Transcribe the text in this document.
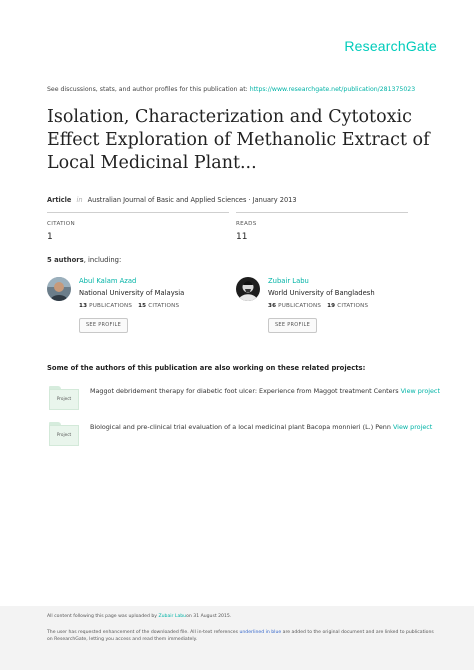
ResearchGate
See discussions, stats, and author profiles for this publication at: https://www.researchgate.net/publication/281375023
Isolation, Characterization and Cytotoxic Effect Exploration of Methanolic Extract of Local Medicinal Plant...
Article in Australian Journal of Basic and Applied Sciences · January 2013
CITATION
1
READS
11
5 authors, including:
Abul Kalam Azad
National University of Malaysia
13 PUBLICATIONS 15 CITATIONS
SEE PROFILE
Zubair Labu
World University of Bangladesh
36 PUBLICATIONS 19 CITATIONS
SEE PROFILE
Some of the authors of this publication are also working on these related projects:
Project
Maggot debridement therapy for diabetic foot ulcer: Experience from Maggot treatment Centers View project
Project
Biological and pre-clinical trial evaluation of a local medicinal plant Bacopa monnieri (L.) Penn View project
All content following this page was uploaded by Zubair Labuon 31 August 2015.
The user has requested enhancement of the downloaded file. All in-text references underlined in blue are added to the original document and are linked to publications on ResearchGate, letting you access and read them immediately.
